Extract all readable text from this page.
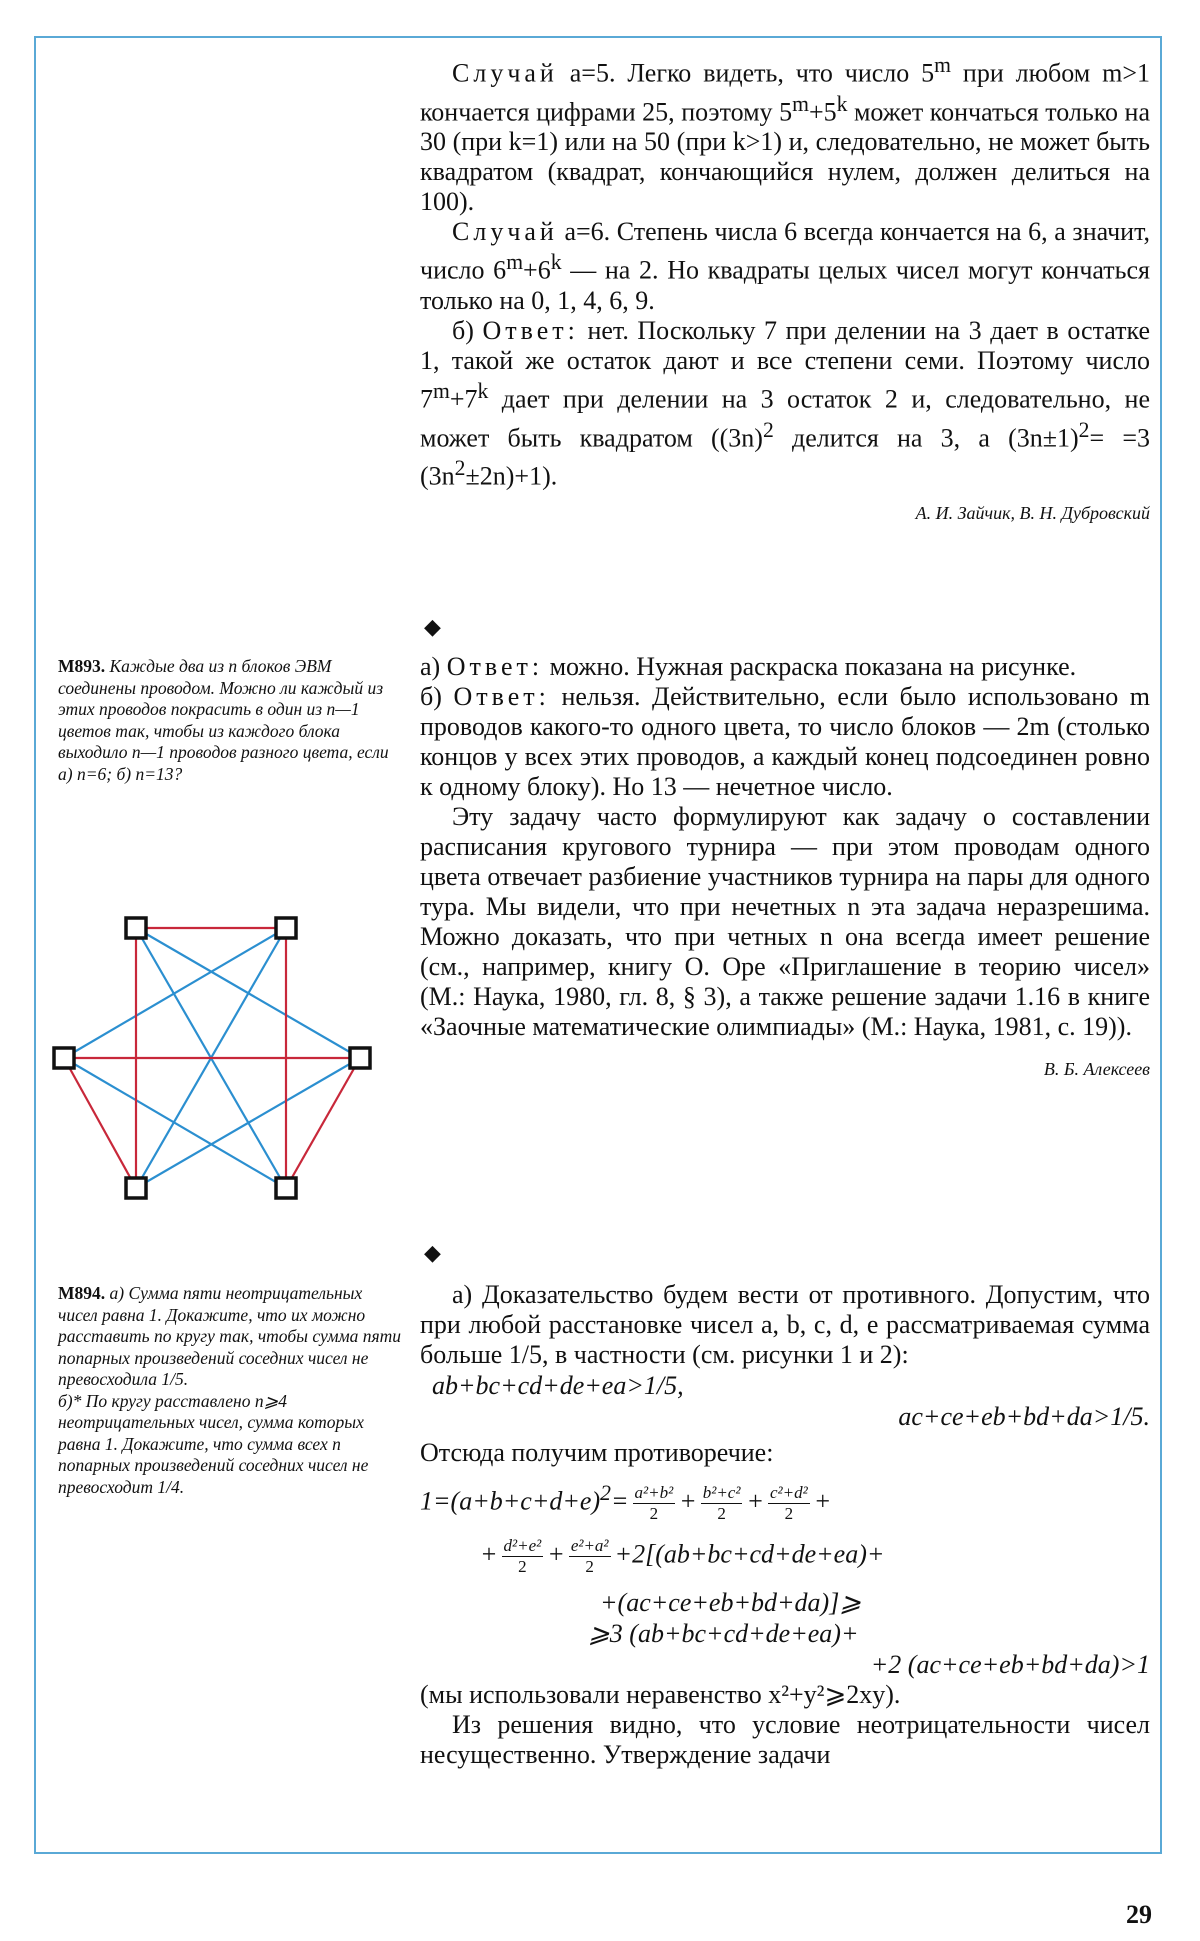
Случай a=5. Легко видеть, что число 5$^m$ при любом m>1 кончается цифрами 25, поэтому $5^m+5^k$ может кончаться только на 30 (при k=1) или на 50 (при k>1) и, следовательно, не может быть квадратом (квадрат, кончающийся нулем, должен делиться на 100).

Случай a=6. Степень числа 6 всегда кончается на 6, а значит, число $6^m+6^k$ — на 2. Но квадраты целых чисел могут кончаться только на 0, 1, 4, 6, 9.

б) Ответ: нет. Поскольку 7 при делении на 3 дает в остатке 1, такой же остаток дают и все степени семи. Поэтому число $7^m+7^k$ дает при делении на 3 остаток 2 и, следовательно, не может быть квадратом ($(3n)^2$ делится на 3, а $(3n\pm 1)^2= =3$ $(3n^2\pm 2n)+1$).

А. И. Зайчик, В. Н. Дубровский

◆
◆
М893. Каждые два из n блоков ЭВМ соединены проводом. Можно ли каждый из этих проводов покрасить в один из n—1 цветов так, чтобы из каждого блока выходило n—1 проводов разного цвета, если а) n=6; б) n=13?

а) Ответ: можно. Нужная раскраска показана на рисунке.

б) Ответ: нельзя. Действительно, если было использовано m проводов какого-то одного цвета, то число блоков — 2m (столько концов у всех этих проводов, а каждый конец подсоединен ровно к одному блоку). Но 13 — нечетное число.

Эту задачу часто формулируют как задачу о составлении расписания кругового турнира — при этом проводам одного цвета отвечает разбиение участников турнира на пары для одного тура. Мы видели, что при нечетных n эта задача неразрешима. Можно доказать, что при четных n она всегда имеет решение (см., например, книгу О. Оре «Приглашение в теорию чисел» (М.: Наука, 1980, гл. 8, § 3), а также решение задачи 1.16 в книге «Заочные математические олимпиады» (М.: Наука, 1981, с. 19)).

В. Б. Алексеев

М894. а) Сумма пяти неотрицательных чисел равна 1. Докажите, что их можно расставить по кругу так, чтобы сумма пяти попарных произведений соседних чисел не превосходила 1/5.
б)* По кругу расставлено n⩾4 неотрицательных чисел, сумма которых равна 1. Докажите, что сумма всех n попарных произведений соседних чисел не превосходит 1/4.

а) Доказательство будем вести от противного. Допустим, что при любой расстановке чисел a, b, c, d, e рассматриваемая сумма больше 1/5, в частности (см. рисунки 1 и 2):

ab+bc+cd+de+ea>1/5,

ac+ce+eb+bd+da>1/5.

Отсюда получим противоречие:

$1=(a+b+c+d+e)^2= \frac{\text{a²+b²}}{2} + \frac{\text{b²+c²}}{2} + \frac{\text{c²+d²}}{2}$ +

+ $\frac{\text{d²+e²}}{2} + \frac{\text{e²+a²}}{2} +2[(ab+bc+cd+de+ea)+$

+(ac+ce+eb+bd+da)]⩾

⩾3 (ab+bc+cd+de+ea)+

+2 (ac+ce+eb+bd+da)>1

(мы использовали неравенство x²+y²⩾2xy).

Из решения видно, что условие неотрицательности чисел несущественно. Утверждение задачи

29
